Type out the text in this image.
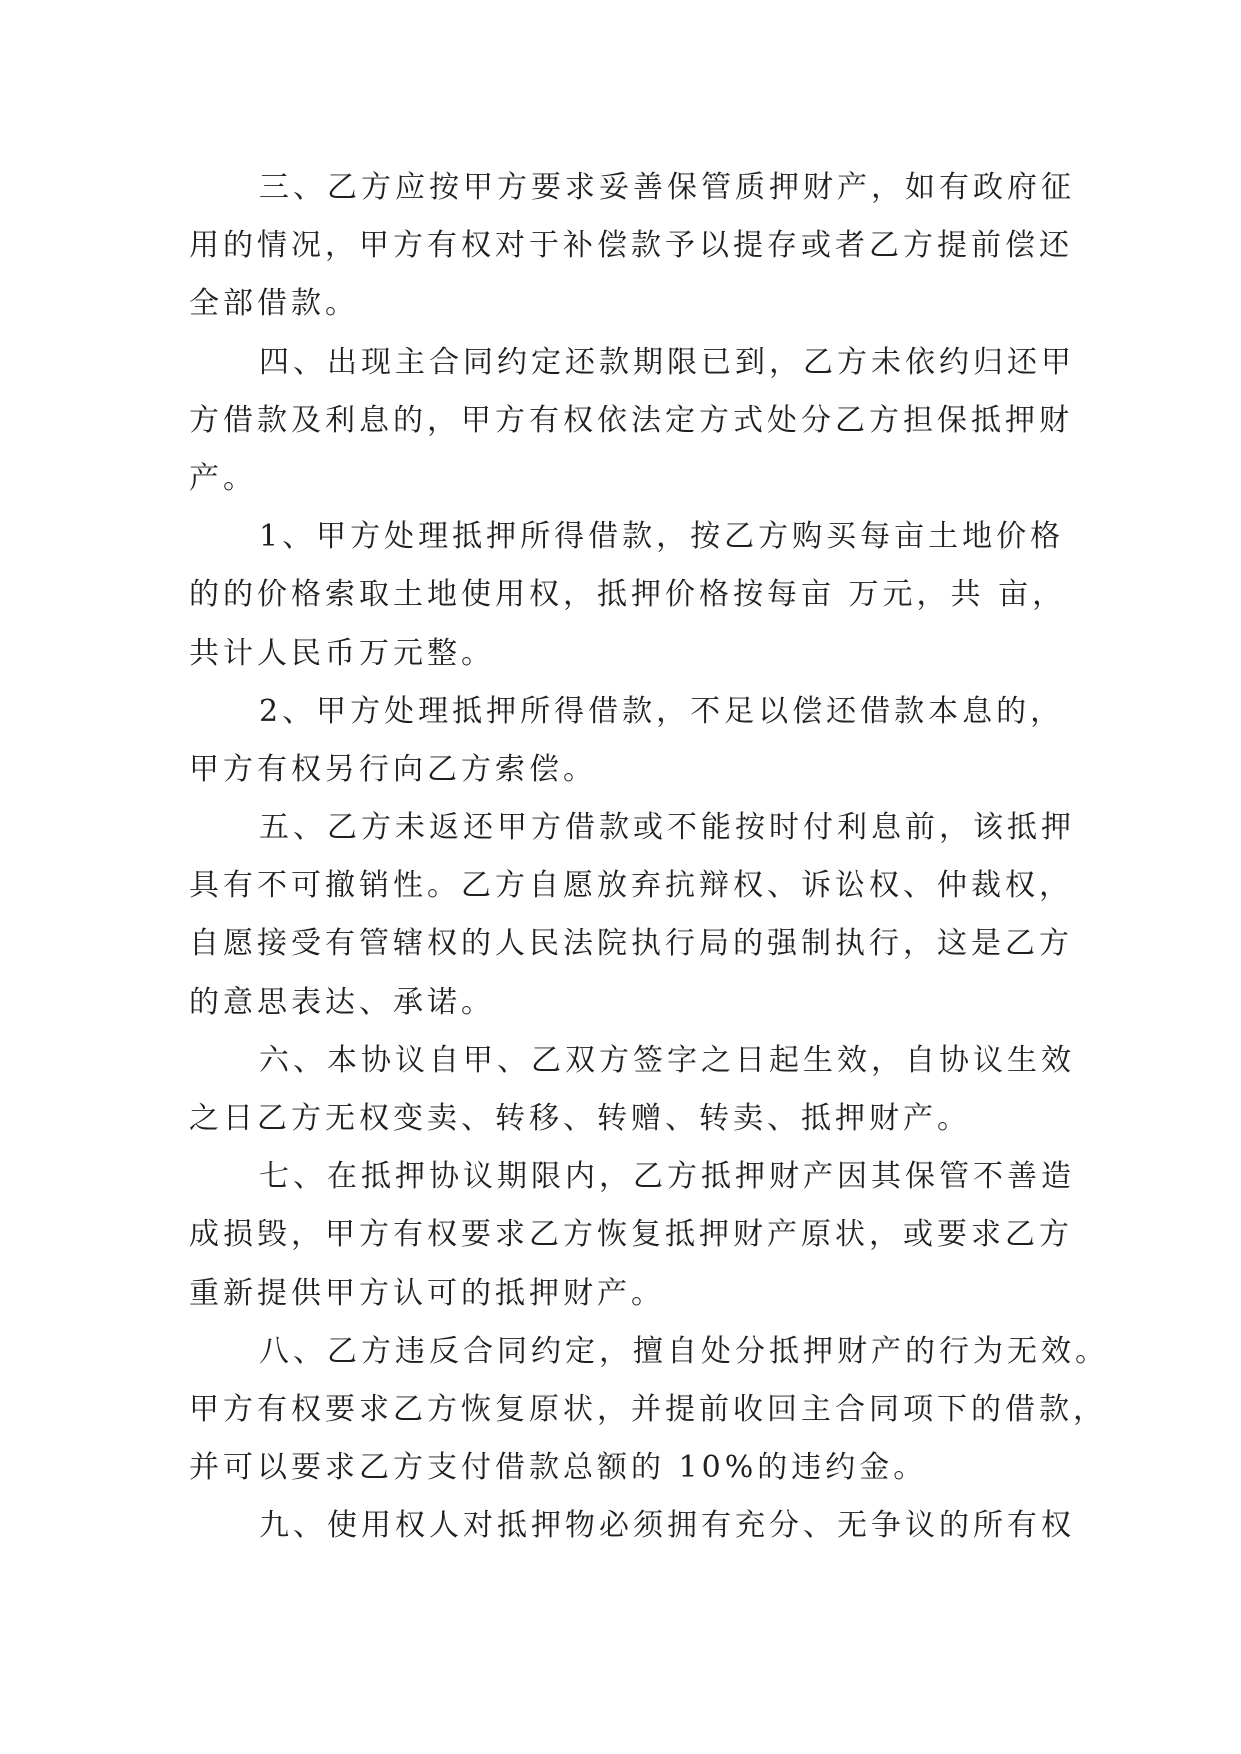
三、乙方应按甲方要求妥善保管质押财产，如有政府征
用的情况，甲方有权对于补偿款予以提存或者乙方提前偿还
全部借款。
四、出现主合同约定还款期限已到，乙方未依约归还甲
方借款及利息的，甲方有权依法定方式处分乙方担保抵押财
产。
1、甲方处理抵押所得借款，按乙方购买每亩土地价格
的的价格索取土地使用权，抵押价格按每亩 万元，共 亩，
共计人民币万元整。
2、甲方处理抵押所得借款，不足以偿还借款本息的，
甲方有权另行向乙方索偿。
五、乙方未返还甲方借款或不能按时付利息前，该抵押
具有不可撤销性。乙方自愿放弃抗辩权、诉讼权、仲裁权，
自愿接受有管辖权的人民法院执行局的强制执行，这是乙方
的意思表达、承诺。
六、本协议自甲、乙双方签字之日起生效，自协议生效
之日乙方无权变卖、转移、转赠、转卖、抵押财产。
七、在抵押协议期限内，乙方抵押财产因其保管不善造
成损毁，甲方有权要求乙方恢复抵押财产原状，或要求乙方
重新提供甲方认可的抵押财产。
八、乙方违反合同约定，擅自处分抵押财产的行为无效。
甲方有权要求乙方恢复原状，并提前收回主合同项下的借款，
并可以要求乙方支付借款总额的 10%的违约金。
九、使用权人对抵押物必须拥有充分、无争议的所有权
